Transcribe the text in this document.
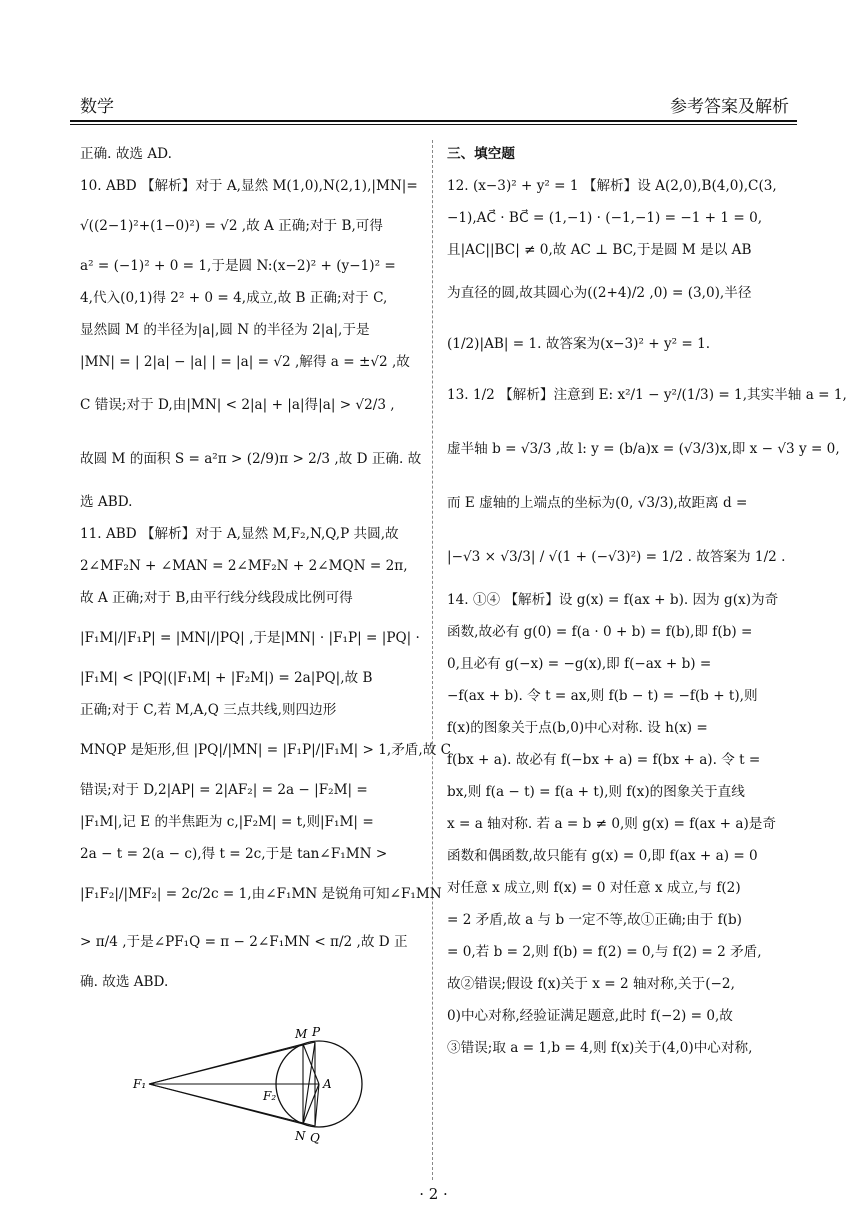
数学	参考答案及解析

正确. 故选 AD.

10. ABD 【解析】对于 A,显然 M(1,0),N(2,1),|MN|=

√((2−1)²+(1−0)²) = √2 ,故 A 正确;对于 B,可得

a² = (−1)² + 0 = 1,于是圆 N:(x−2)² + (y−1)² =

4,代入(0,1)得 2² + 0 = 4,成立,故 B 正确;对于 C,

显然圆 M 的半径为|a|,圆 N 的半径为 2|a|,于是

|MN| = | 2|a| − |a| | = |a| = √2 ,解得 a = ±√2 ,故

C 错误;对于 D,由|MN| < 2|a| + |a|得|a| > √2/3 ,

故圆 M 的面积 S = a²π > (2/9)π > 2/3 ,故 D 正确. 故

选 ABD.

11. ABD 【解析】对于 A,显然 M,F₂,N,Q,P 共圆,故

2∠MF₂N + ∠MAN = 2∠MF₂N + 2∠MQN = 2π,

故 A 正确;对于 B,由平行线分线段成比例可得

|F₁M|/|F₁P| = |MN|/|PQ| ,于是|MN| · |F₁P| = |PQ| ·

|F₁M| < |PQ|(|F₁M| + |F₂M|) = 2a|PQ|,故 B

正确;对于 C,若 M,A,Q 三点共线,则四边形

MNQP 是矩形,但 |PQ|/|MN| = |F₁P|/|F₁M| > 1,矛盾,故 C

错误;对于 D,2|AP| = 2|AF₂| = 2a − |F₂M| =

|F₁M|,记 E 的半焦距为 c,|F₂M| = t,则|F₁M| =

2a − t = 2(a − c),得 t = 2c,于是 tan∠F₁MN >

|F₁F₂|/|MF₂| = 2c/2c = 1,由∠F₁MN 是锐角可知∠F₁MN

> π/4 ,于是∠PF₁Q = π − 2∠F₁MN < π/2 ,故 D 正

确. 故选 ABD.

三、填空题

12. (x−3)² + y² = 1 【解析】设 A(2,0),B(4,0),C(3,

−1),AC⃗ · BC⃗ = (1,−1) · (−1,−1) = −1 + 1 = 0,

且|AC||BC| ≠ 0,故 AC ⊥ BC,于是圆 M 是以 AB

为直径的圆,故其圆心为((2+4)/2 ,0) = (3,0),半径

(1/2)|AB| = 1. 故答案为(x−3)² + y² = 1.

13. 1/2 【解析】注意到 E: x²/1 − y²/(1/3) = 1,其实半轴 a = 1,

虚半轴 b = √3/3 ,故 l: y = (b/a)x = (√3/3)x,即 x − √3 y = 0,

而 E 虚轴的上端点的坐标为(0, √3/3),故距离 d =

|−√3 × √3/3| / √(1 + (−√3)²) = 1/2 . 故答案为 1/2 .

14. ①④ 【解析】设 g(x) = f(ax + b). 因为 g(x)为奇

函数,故必有 g(0) = f(a · 0 + b) = f(b),即 f(b) =

0,且必有 g(−x) = −g(x),即 f(−ax + b) =

−f(ax + b). 令 t = ax,则 f(b − t) = −f(b + t),则

f(x)的图象关于点(b,0)中心对称. 设 h(x) =

f(bx + a). 故必有 f(−bx + a) = f(bx + a). 令 t =

bx,则 f(a − t) = f(a + t),则 f(x)的图象关于直线

x = a 轴对称. 若 a = b ≠ 0,则 g(x) = f(ax + a)是奇

函数和偶函数,故只能有 g(x) = 0,即 f(ax + a) = 0

对任意 x 成立,则 f(x) = 0 对任意 x 成立,与 f(2)

= 2 矛盾,故 a 与 b 一定不等,故①正确;由于 f(b)

= 0,若 b = 2,则 f(b) = f(2) = 0,与 f(2) = 2 矛盾,

故②错误;假设 f(x)关于 x = 2 轴对称,关于(−2,

0)中心对称,经验证满足题意,此时 f(−2) = 0,故

③错误;取 a = 1,b = 4,则 f(x)关于(4,0)中心对称,

M P
F₁
F₂
A
N Q
· 2 ·
